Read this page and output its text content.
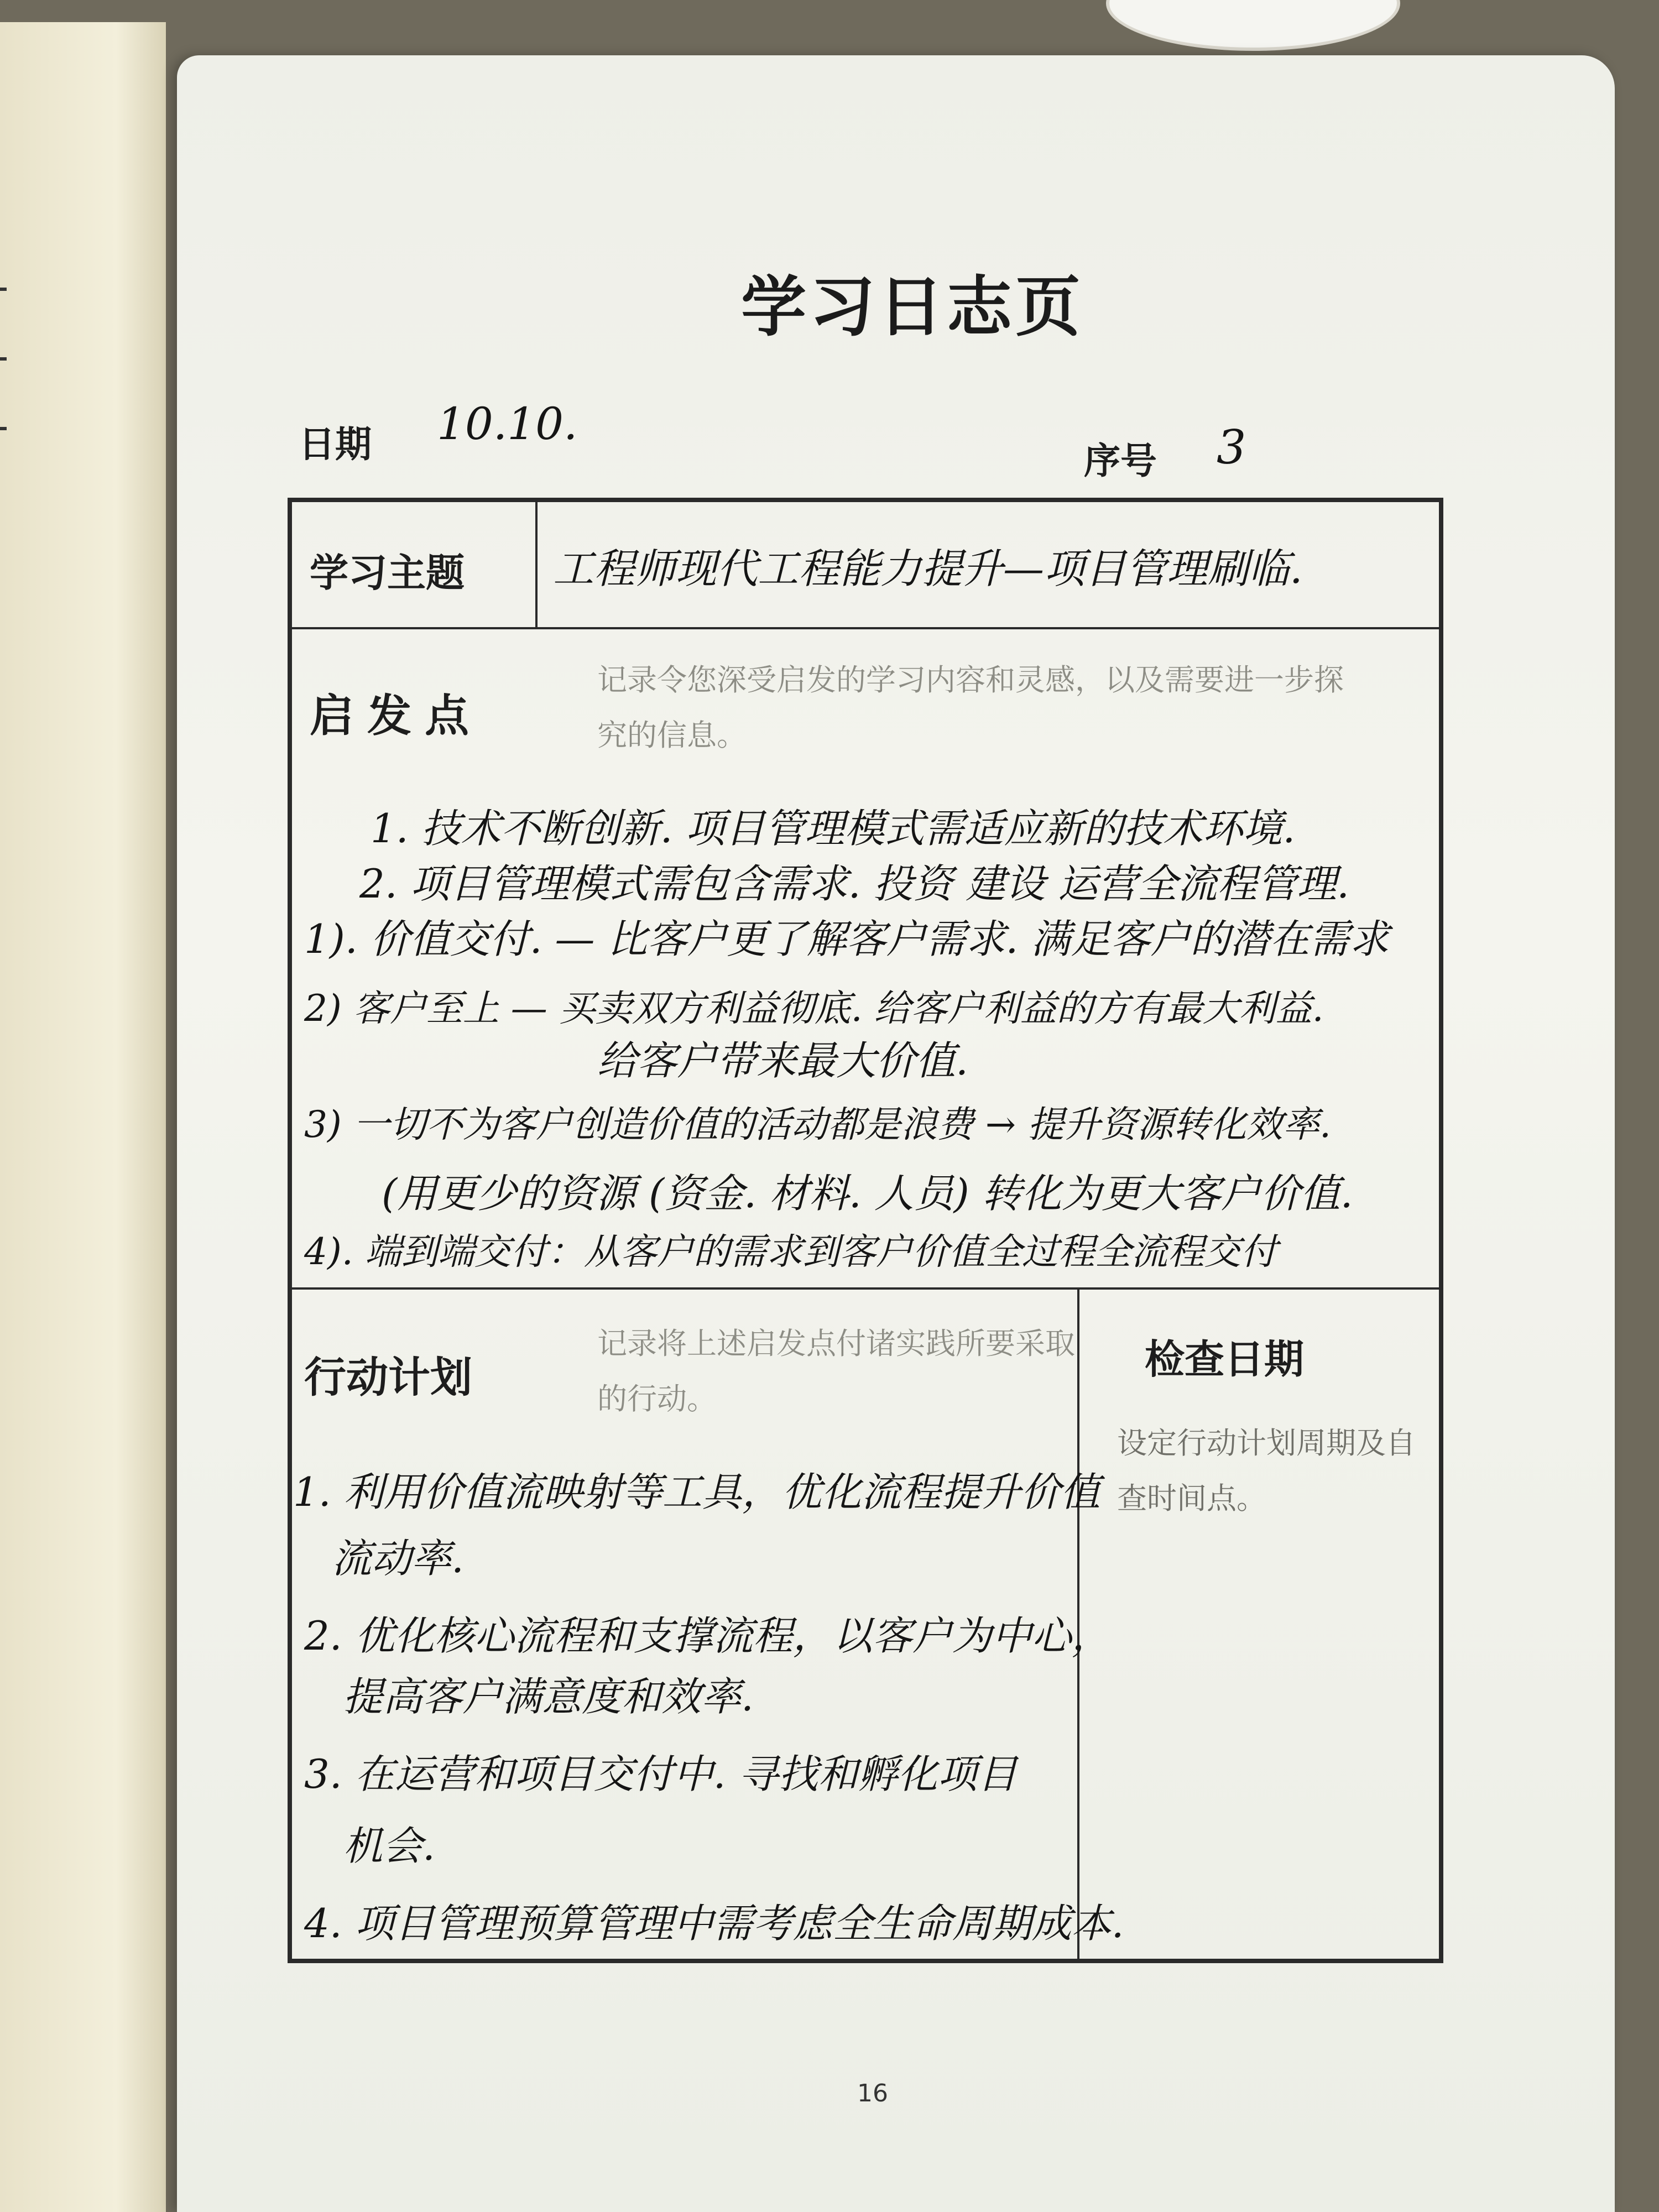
学习日志页
日期 10.10.
序号 3
学习主题 工程师现代工程能力提升—项目管理刷临.
启发点
记录令您深受启发的学习内容和灵感，以及需要进一步探究的信息。
1. 技术不断创新. 项目管理模式需适应新的技术环境.
2. 项目管理模式需包含需求. 投资 建设 运营全流程管理.
1). 价值交付. — 比客户更了解客户需求. 满足客户的潜在需求
2) 客户至上 — 买卖双方利益彻底. 给客户利益的方有最大利益.
给客户带来最大价值.
3) 一切不为客户创造价值的活动都是浪费 → 提升资源转化效率.
(用更少的资源 (资金. 材料. 人员) 转化为更大客户价值.
4). 端到端交付：从客户的需求到客户价值全过程全流程交付
行动计划
记录将上述启发点付诸实践所要采取的行动。
检查日期
设定行动计划周期及自查时间点。
1. 利用价值流映射等工具，优化流程提升价值
流动率.
2. 优化核心流程和支撑流程，以客户为中心，
提高客户满意度和效率.
3. 在运营和项目交付中. 寻找和孵化项目
机会.
4. 项目管理预算管理中需考虑全生命周期成本.
16
